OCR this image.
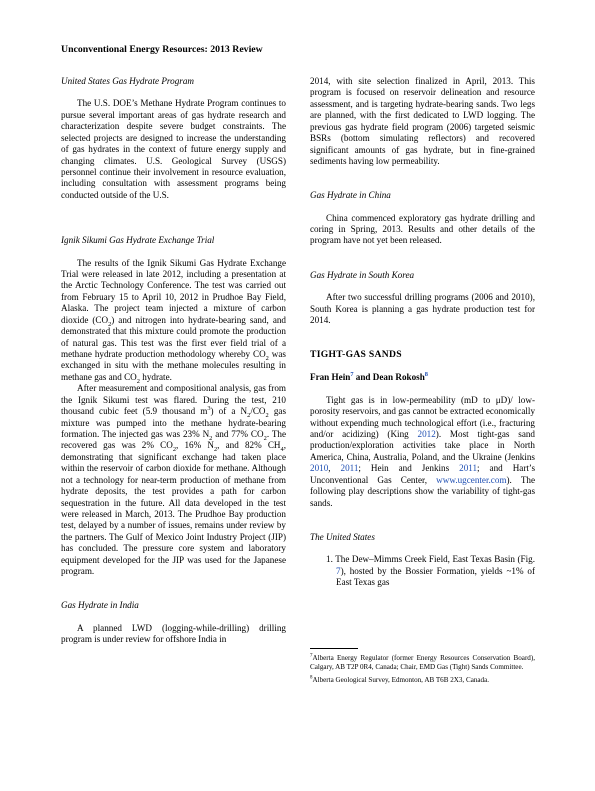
Unconventional Energy Resources: 2013 Review

United States Gas Hydrate Program

The U.S. DOE’s Methane Hydrate Program continues to pursue several important areas of gas hydrate research and characterization despite severe budget constraints. The selected projects are designed to increase the understanding of gas hydrates in the context of future energy supply and changing climates. U.S. Geological Survey (USGS) personnel continue their involvement in resource evaluation, including consultation with assessment programs being conducted outside of the U.S.

Ignik Sikumi Gas Hydrate Exchange Trial

The results of the Ignik Sikumi Gas Hydrate Exchange Trial were released in late 2012, including a presentation at the Arctic Technology Conference. The test was carried out from February 15 to April 10, 2012 in Prudhoe Bay Field, Alaska. The project team injected a mixture of carbon dioxide $(CO_2)$ and nitrogen into hydrate-bearing sand, and demonstrated that this mixture could promote the production of natural gas. This test was the first ever field trial of a methane hydrate production methodology whereby $CO_2$ was exchanged in situ with the methane molecules resulting in methane gas and $CO_2$ hydrate.

After measurement and compositional analysis, gas from the Ignik Sikumi test was flared. During the test, 210 thousand cubic feet (5.9 thousand $m^3$) of a $N_2/CO_2$ gas mixture was pumped into the methane hydrate-bearing formation. The injected gas was 23% $N_2$ and 77% $CO_2$. The recovered gas was 2% $CO_2$, 16% $N_2$, and 82% $CH_4$, demonstrating that significant exchange had taken place within the reservoir of carbon dioxide for methane. Although not a technology for near-term production of methane from hydrate deposits, the test provides a path for carbon sequestration in the future. All data developed in the test were released in March, 2013. The Prudhoe Bay production test, delayed by a number of issues, remains under review by the partners. The Gulf of Mexico Joint Industry Project (JIP) has concluded. The pressure core system and laboratory equipment developed for the JIP was used for the Japanese program.

Gas Hydrate in India

A planned LWD (logging-while-drilling) drilling program is under review for offshore India in

2014, with site selection finalized in April, 2013. This program is focused on reservoir delineation and resource assessment, and is targeting hydrate-bearing sands. Two legs are planned, with the first dedicated to LWD logging. The previous gas hydrate field program (2006) targeted seismic BSRs (bottom simulating reflectors) and recovered significant amounts of gas hydrate, but in fine-grained sediments having low permeability.

Gas Hydrate in China

China commenced exploratory gas hydrate drilling and coring in Spring, 2013. Results and other details of the program have not yet been released.

Gas Hydrate in South Korea

After two successful drilling programs (2006 and 2010), South Korea is planning a gas hydrate production test for 2014.

TIGHT-GAS SANDS

Fran Hein$^7$ and Dean Rokosh$^8$

Tight gas is in low-permeability (mD to μD)/ low-porosity reservoirs, and gas cannot be extracted economically without expending much technological effort (i.e., fracturing and/or acidizing) (King 2012). Most tight-gas sand production/exploration activities take place in North America, China, Australia, Poland, and the Ukraine (Jenkins 2010, 2011; Hein and Jenkins 2011; and Hart’s Unconventional Gas Center, www.ugcenter.com). The following play descriptions show the variability of tight-gas sands.

The United States

1. The Dew–Mimms Creek Field, East Texas Basin (Fig. 7), hosted by the Bossier Formation, yields ~1% of East Texas gas

$^7$Alberta Energy Regulator (former Energy Resources Conservation Board), Calgary, AB T2P 0R4, Canada; Chair, EMD Gas (Tight) Sands Committee.

$^8$Alberta Geological Survey, Edmonton, AB T6B 2X3, Canada.
